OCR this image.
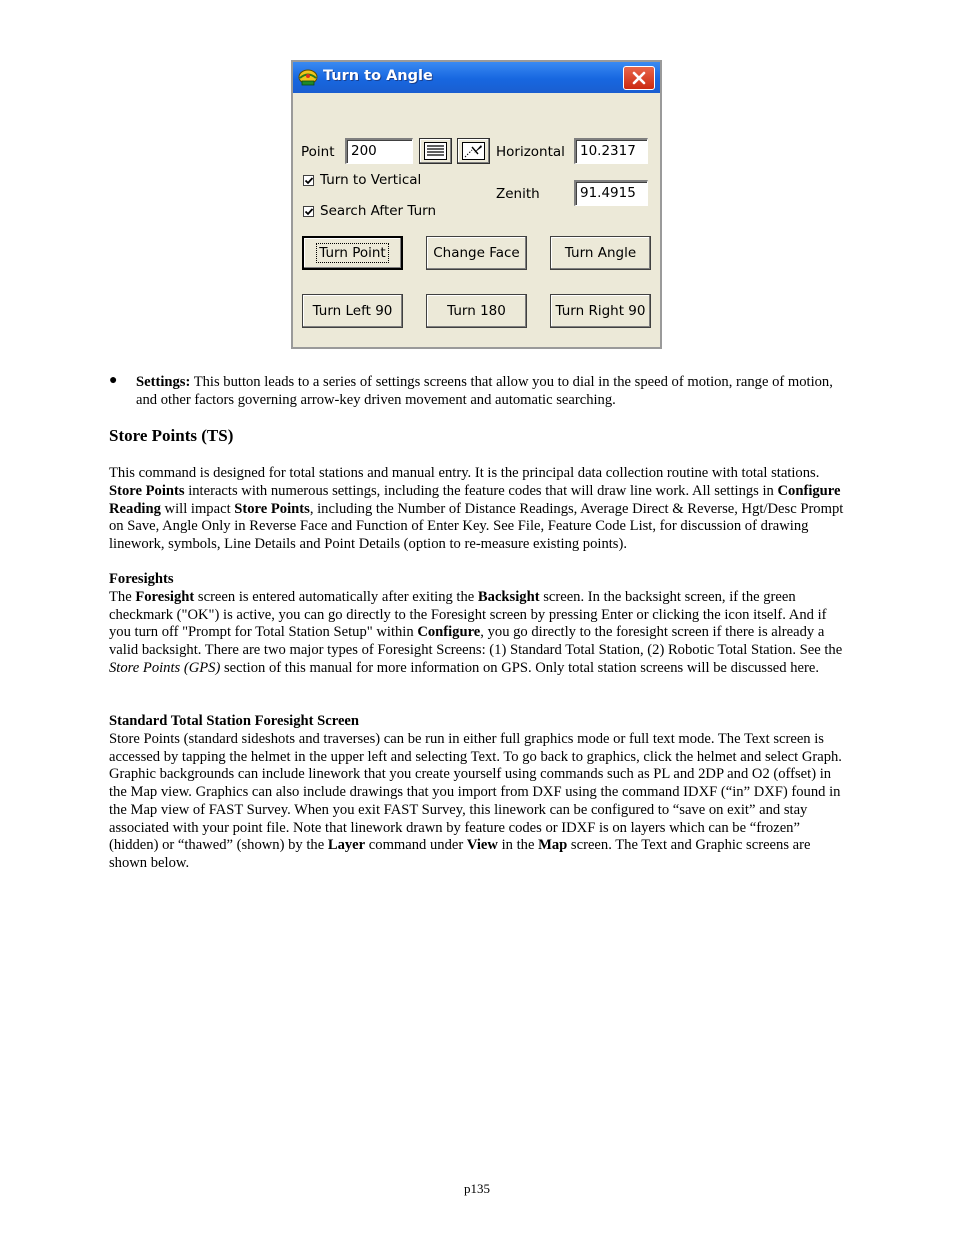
Turn to Angle
Point	200	Horizontal	10.2317
Turn to Vertical
Zenith	91.4915
Search After Turn
Turn Point	Change Face	Turn Angle
Turn Left 90	Turn 180	Turn Right 90
● Settings: This button leads to a series of settings screens that allow you to dial in the speed of motion, range of motion, and other factors governing arrow-key driven movement and automatic searching.
Store Points (TS)

This command is designed for total stations and manual entry. It is the principal data collection routine with total stations. Store Points interacts with numerous settings, including the feature codes that will draw line work. All settings in Configure Reading will impact Store Points, including the Number of Distance Readings, Average Direct & Reverse, Hgt/Desc Prompt on Save, Angle Only in Reverse Face and Function of Enter Key. See File, Feature Code List, for discussion of drawing linework, symbols, Line Details and Point Details (option to re-measure existing points).

Foresights

The Foresight screen is entered automatically after exiting the Backsight screen. In the backsight screen, if the green checkmark ("OK") is active, you can go directly to the Foresight screen by pressing Enter or clicking the icon itself. And if you turn off "Prompt for Total Station Setup" within Configure, you go directly to the foresight screen if there is already a valid backsight. There are two major types of Foresight Screens: (1) Standard Total Station, (2) Robotic Total Station. See the Store Points (GPS) section of this manual for more information on GPS. Only total station screens will be discussed here.

Standard Total Station Foresight Screen

Store Points (standard sideshots and traverses) can be run in either full graphics mode or full text mode. The Text screen is accessed by tapping the helmet in the upper left and selecting Text. To go back to graphics, click the helmet and select Graph. Graphic backgrounds can include linework that you create yourself using commands such as PL and 2DP and O2 (offset) in the Map view. Graphics can also include drawings that you import from DXF using the command IDXF (“in” DXF) found in the Map view of FAST Survey. When you exit FAST Survey, this linework can be configured to “save on exit” and stay associated with your point file. Note that linework drawn by feature codes or IDXF is on layers which can be “frozen” (hidden) or “thawed” (shown) by the Layer command under View in the Map screen. The Text and Graphic screens are shown below.

p135
